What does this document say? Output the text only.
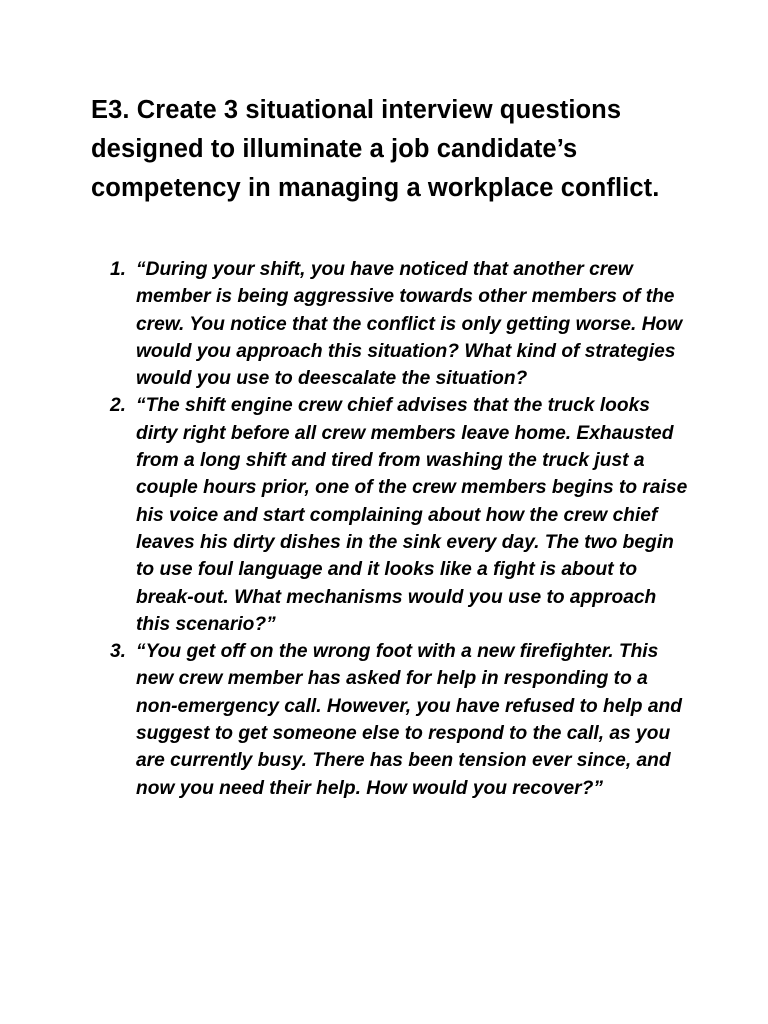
E3. Create 3 situational interview questions designed to illuminate a job candidate’s competency in managing a workplace conflict.
1. “During your shift, you have noticed that another crew member is being aggressive towards other members of the crew. You notice that the conflict is only getting worse. How would you approach this situation? What kind of strategies would you use to deescalate the situation?
2. “The shift engine crew chief advises that the truck looks dirty right before all crew members leave home. Exhausted from a long shift and tired from washing the truck just a couple hours prior, one of the crew members begins to raise his voice and start complaining about how the crew chief leaves his dirty dishes in the sink every day. The two begin to use foul language and it looks like a fight is about to break-out. What mechanisms would you use to approach this scenario?”
3. “You get off on the wrong foot with a new firefighter. This new crew member has asked for help in responding to a non-emergency call. However, you have refused to help and suggest to get someone else to respond to the call, as you are currently busy. There has been tension ever since, and now you need their help. How would you recover?”
